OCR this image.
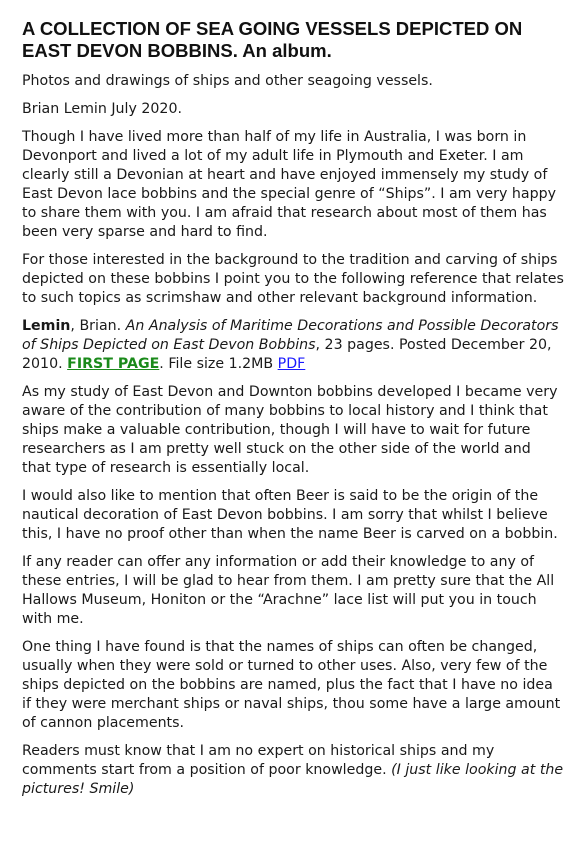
A COLLECTION OF SEA GOING VESSELS DEPICTED ON EAST DEVON BOBBINS. An album.

Photos and drawings of ships and other seagoing vessels.

Brian Lemin July 2020.

Though I have lived more than half of my life in Australia, I was born in Devonport and lived a lot of my adult life in Plymouth and Exeter. I am clearly still a Devonian at heart and have enjoyed immensely my study of East Devon lace bobbins and the special genre of “Ships”. I am very happy to share them with you. I am afraid that research about most of them has been very sparse and hard to find.

For those interested in the background to the tradition and carving of ships depicted on these bobbins I point you to the following reference that relates to such topics as scrimshaw and other relevant background information.

Lemin, Brian. An Analysis of Maritime Decorations and Possible Decorators of Ships Depicted on East Devon Bobbins, 23 pages. Posted December 20, 2010. FIRST PAGE. File size 1.2MB PDF

As my study of East Devon and Downton bobbins developed I became very aware of the contribution of many bobbins to local history and I think that ships make a valuable contribution, though I will have to wait for future researchers as I am pretty well stuck on the other side of the world and that type of research is essentially local.

I would also like to mention that often Beer is said to be the origin of the nautical decoration of East Devon bobbins. I am sorry that whilst I believe this, I have no proof other than when the name Beer is carved on a bobbin.

If any reader can offer any information or add their knowledge to any of these entries, I will be glad to hear from them. I am pretty sure that the All Hallows Museum, Honiton or the “Arachne” lace list will put you in touch with me.

One thing I have found is that the names of ships can often be changed, usually when they were sold or turned to other uses. Also, very few of the ships depicted on the bobbins are named, plus the fact that I have no idea if they were merchant ships or naval ships, thou some have a large amount of cannon placements.

Readers must know that I am no expert on historical ships and my comments start from a position of poor knowledge. (I just like looking at the pictures! Smile)
